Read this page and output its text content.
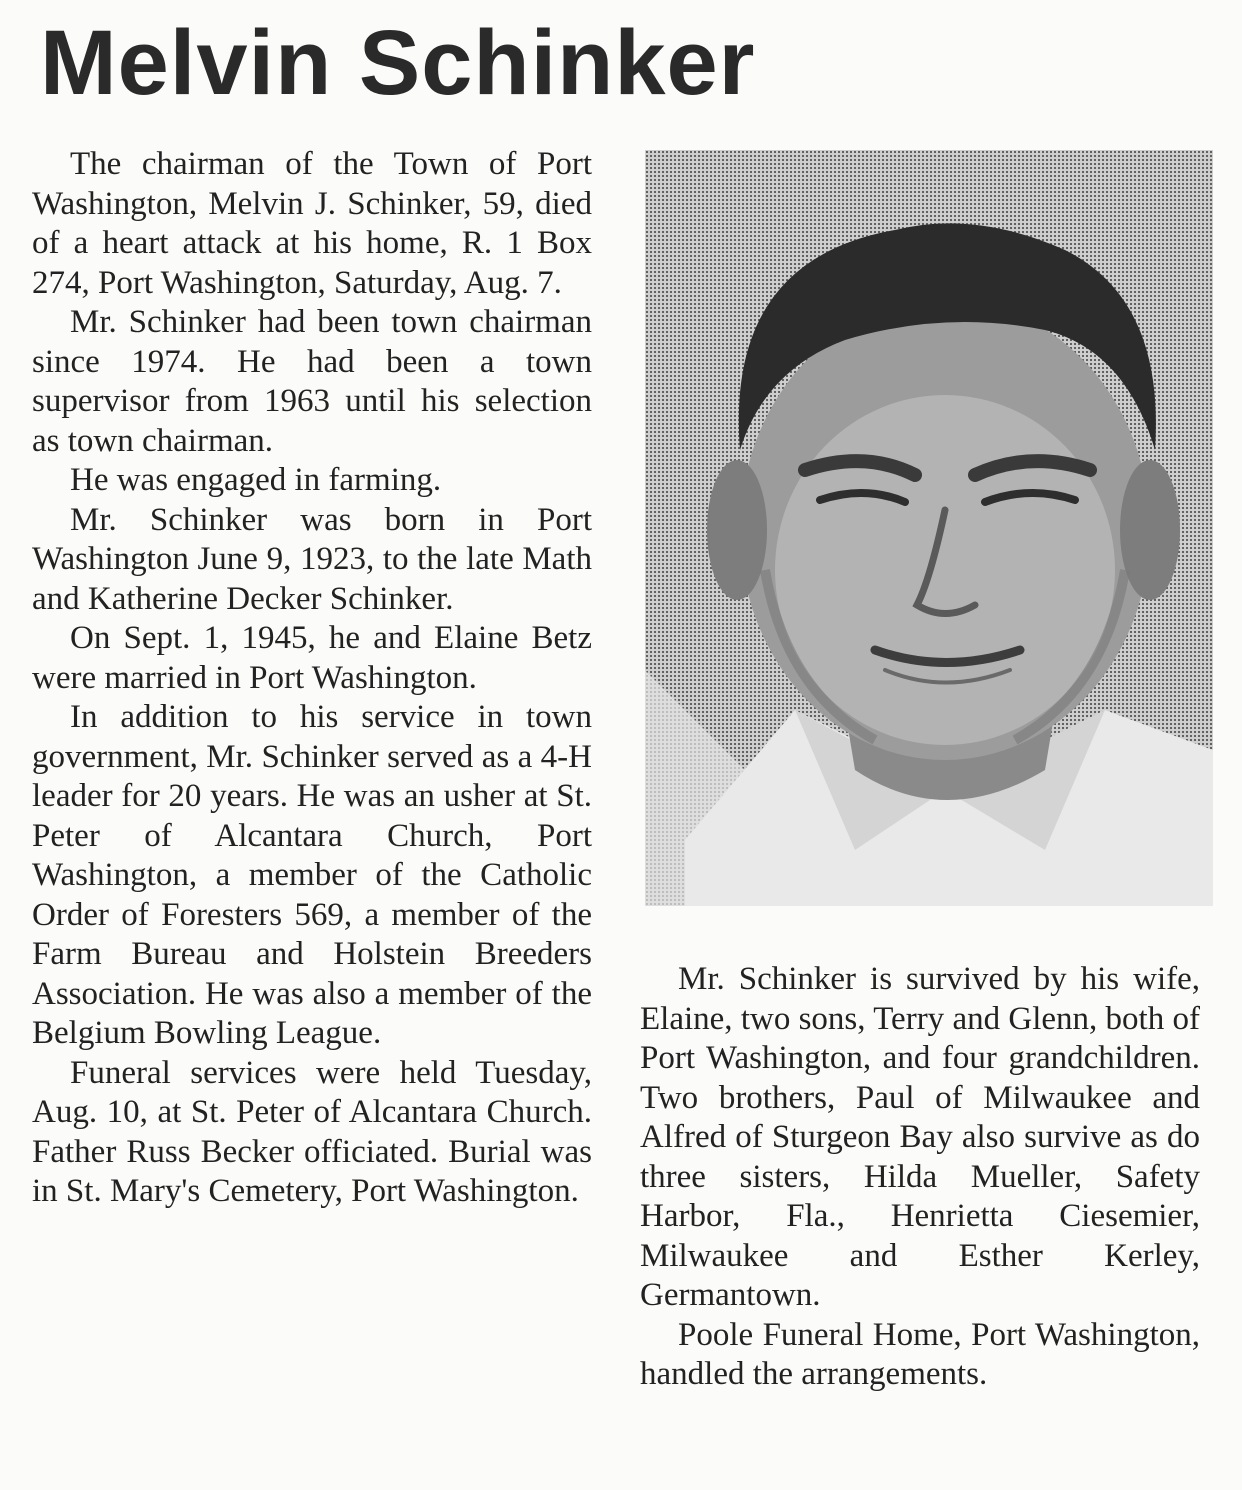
Melvin Schinker

The chairman of the Town of Port Washington, Melvin J. Schinker, 59, died of a heart attack at his home, R. 1 Box 274, Port Washington, Saturday, Aug. 7.

Mr. Schinker had been town chairman since 1974. He had been a town supervisor from 1963 until his selection as town chairman.

He was engaged in farming.

Mr. Schinker was born in Port Washington June 9, 1923, to the late Math and Katherine Decker Schinker.

On Sept. 1, 1945, he and Elaine Betz were married in Port Washington.

In addition to his service in town government, Mr. Schinker served as a 4-H leader for 20 years. He was an usher at St. Peter of Alcantara Church, Port Washington, a member of the Catholic Order of Foresters 569, a member of the Farm Bureau and Holstein Breeders Association. He was also a member of the Belgium Bowling League.

Funeral services were held Tuesday, Aug. 10, at St. Peter of Alcantara Church. Father Russ Becker officiated. Burial was in St. Mary's Cemetery, Port Washington.

Mr. Schinker is survived by his wife, Elaine, two sons, Terry and Glenn, both of Port Washington, and four grandchildren. Two brothers, Paul of Milwaukee and Alfred of Sturgeon Bay also survive as do three sisters, Hilda Mueller, Safety Harbor, Fla., Henrietta Ciesemier, Milwaukee and Esther Kerley, Germantown.

Poole Funeral Home, Port Washington, handled the arrangements.
